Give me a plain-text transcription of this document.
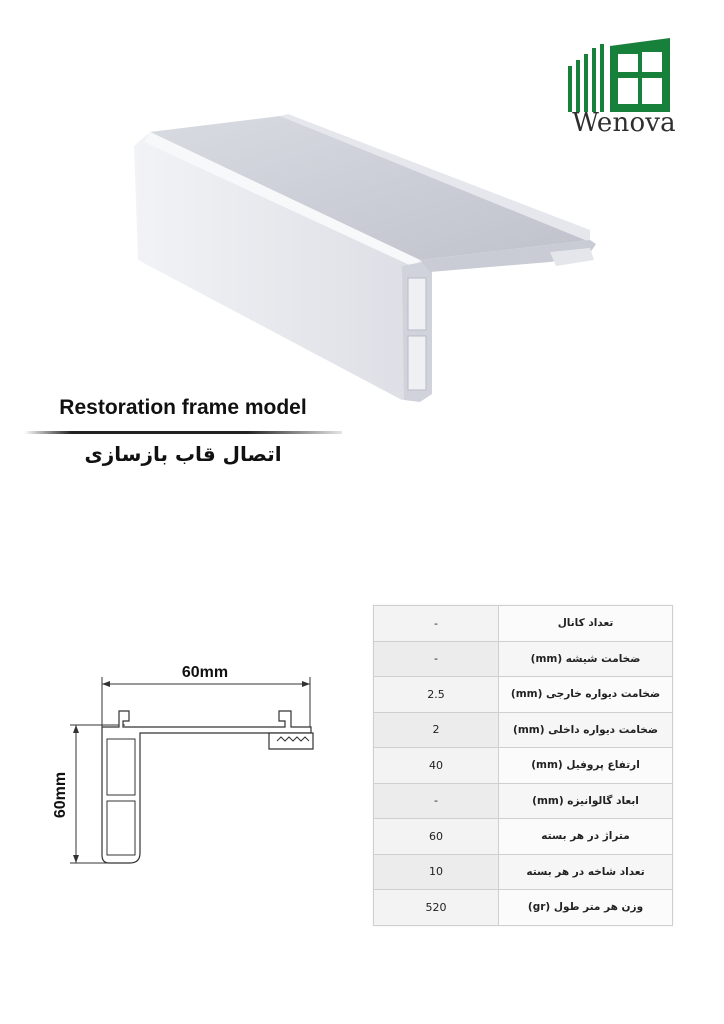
Wenova
Restoration frame model
اتصال قاب بازسازی
60mm
60mm
-	تعداد کانال
-	ضخامت شیشه (mm)
2.5	ضخامت دیواره خارجی (mm)
2	ضخامت دیواره داخلی (mm)
40	ارتفاع پروفیل (mm)
-	ابعاد گالوانیزه (mm)
60	متراژ در هر بسته
10	تعداد شاخه در هر بسته
520	وزن هر متر طول (gr)
